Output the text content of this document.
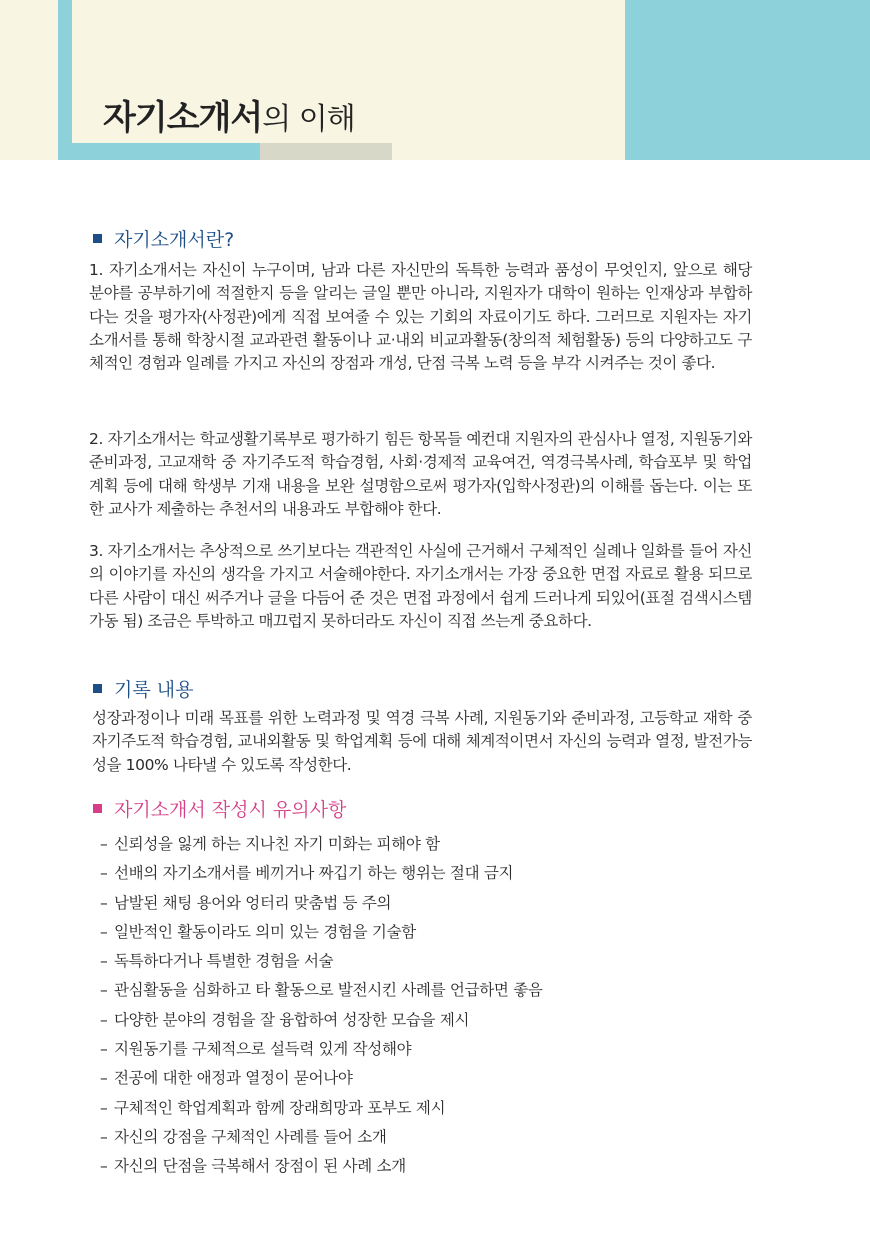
자기소개서의 이해
자기소개서란?

1. 자기소개서는 자신이 누구이며, 남과 다른 자신만의 독특한 능력과 품성이 무엇인지, 앞으로 해당 분야를 공부하기에 적절한지 등을 알리는 글일 뿐만 아니라, 지원자가 대학이 원하는 인재상과 부합하다는 것을 평가자(사정관)에게 직접 보여줄 수 있는 기회의 자료이기도 하다. 그러므로 지원자는 자기소개서를 통해 학창시절 교과관련 활동이나 교·내외 비교과활동(창의적 체험활동) 등의 다양하고도 구체적인 경험과 일례를 가지고 자신의 장점과 개성, 단점 극복 노력 등을 부각 시켜주는 것이 좋다.

2. 자기소개서는 학교생활기록부로 평가하기 힘든 항목들 예컨대 지원자의 관심사나 열정, 지원동기와 준비과정, 고교재학 중 자기주도적 학습경험, 사회·경제적 교육여건, 역경극복사례, 학습포부 및 학업계획 등에 대해 학생부 기재 내용을 보완 설명함으로써 평가자(입학사정관)의 이해를 돕는다. 이는 또한 교사가 제출하는 추천서의 내용과도 부합해야 한다.

3. 자기소개서는 추상적으로 쓰기보다는 객관적인 사실에 근거해서 구체적인 실례나 일화를 들어 자신의 이야기를 자신의 생각을 가지고 서술해야한다. 자기소개서는 가장 중요한 면접 자료로 활용 되므로 다른 사람이 대신 써주거나 글을 다듬어 준 것은 면접 과정에서 쉽게 드러나게 되있어(표절 검색시스템 가동 됨) 조금은 투박하고 매끄럽지 못하더라도 자신이 직접 쓰는게 중요하다.

기록 내용

성장과정이나 미래 목표를 위한 노력과정 및 역경 극복 사례, 지원동기와 준비과정, 고등학교 재학 중 자기주도적 학습경험, 교내외활동 및 학업계획 등에 대해 체계적이면서 자신의 능력과 열정, 발전가능성을 100% 나타낼 수 있도록 작성한다.

자기소개서 작성시 유의사항
– 신뢰성을 잃게 하는 지나친 자기 미화는 피해야 함
– 선배의 자기소개서를 베끼거나 짜깁기 하는 행위는 절대 금지
– 남발된 채팅 용어와 엉터리 맞춤법 등 주의
– 일반적인 활동이라도 의미 있는 경험을 기술함
– 독특하다거나 특별한 경험을 서술
– 관심활동을 심화하고 타 활동으로 발전시킨 사례를 언급하면 좋음
– 다양한 분야의 경험을 잘 융합하여 성장한 모습을 제시
– 지원동기를 구체적으로 설득력 있게 작성해야
– 전공에 대한 애정과 열정이 묻어나야
– 구체적인 학업계획과 함께 장래희망과 포부도 제시
– 자신의 강점을 구체적인 사례를 들어 소개
– 자신의 단점을 극복해서 장점이 된 사례 소개
